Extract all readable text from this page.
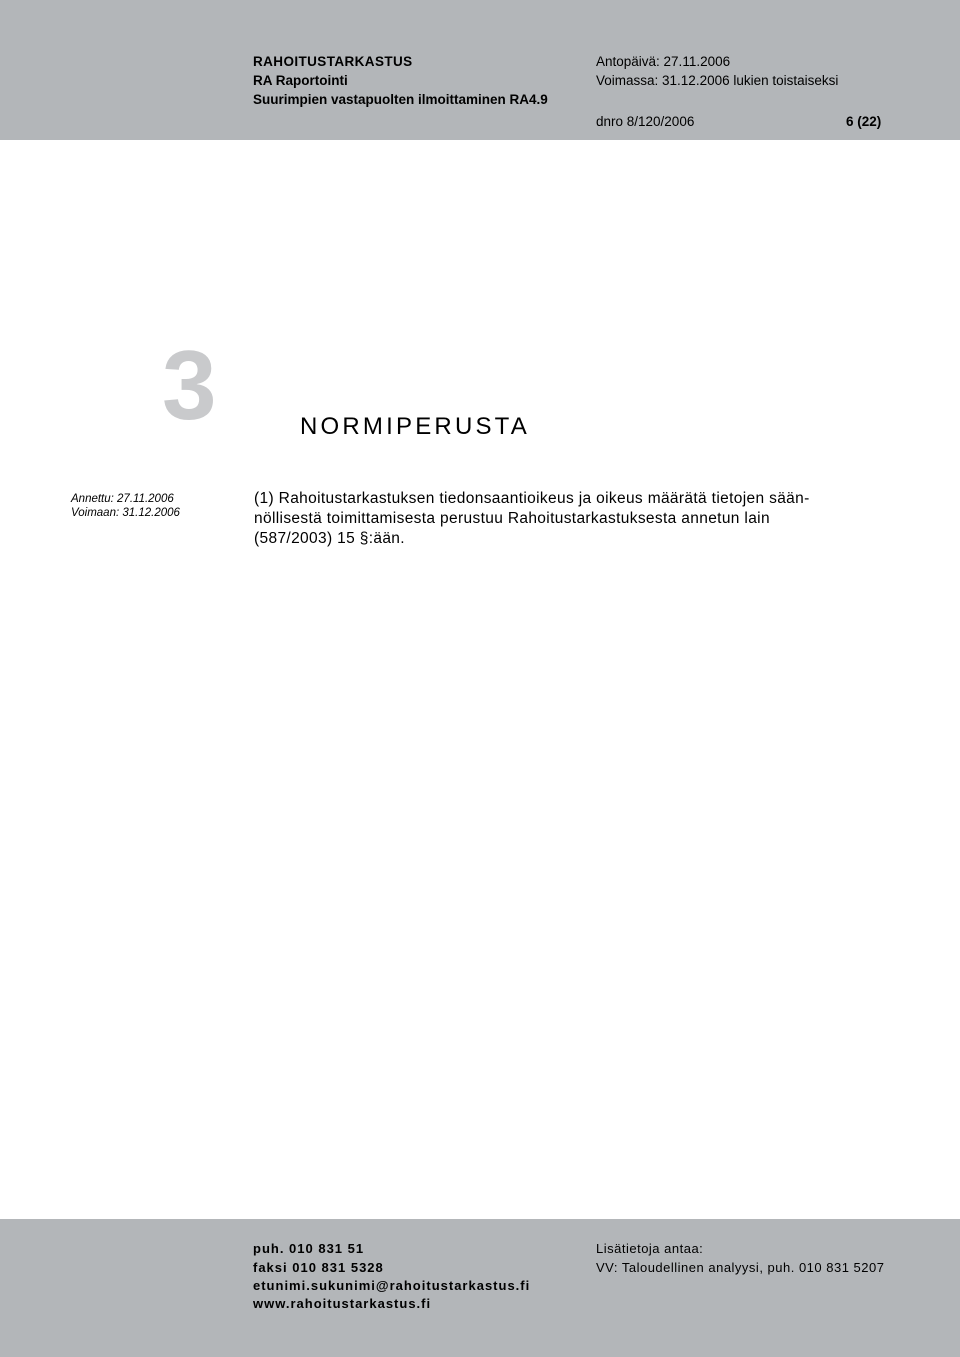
RAHOITUSTARKASTUS
RA Raportointi
Suurimpien vastapuolten ilmoittaminen RA4.9
Antopäivä: 27.11.2006
Voimassa: 31.12.2006 lukien toistaiseksi
dnro 8/120/2006	6 (22)
3	NORMIPERUSTA
Annettu: 27.11.2006
Voimaan: 31.12.2006
(1) Rahoitustarkastuksen tiedonsaantioikeus ja oikeus määrätä tietojen sään-
nöllisestä toimittamisesta perustuu Rahoitustarkastuksesta annetun lain
(587/2003) 15 §:ään.
puh. 010 831 51
faksi 010 831 5328
etunimi.sukunimi@rahoitustarkastus.fi
www.rahoitustarkastus.fi
Lisätietoja antaa:
VV: Taloudellinen analyysi, puh. 010 831 5207
